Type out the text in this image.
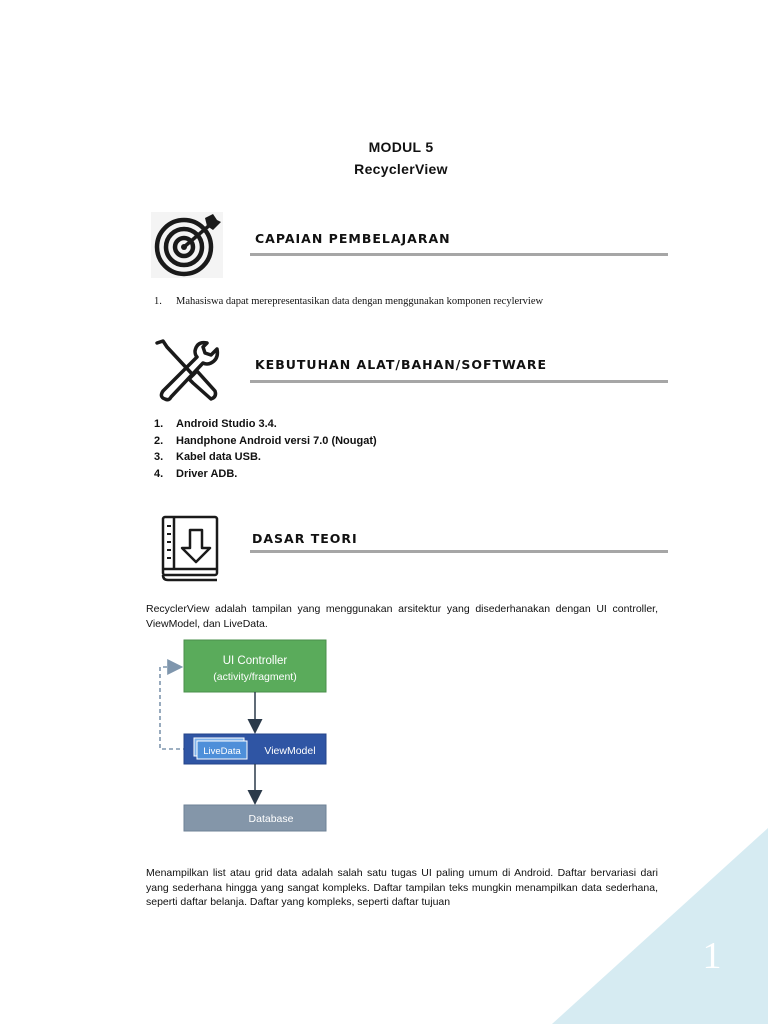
MODUL 5
RecyclerView
CAPAIAN PEMBELAJARAN
1. Mahasiswa dapat merepresentasikan data dengan menggunakan komponen recylerview
KEBUTUHAN ALAT/BAHAN/SOFTWARE
1. Android Studio 3.4.
2. Handphone Android versi 7.0 (Nougat)
3. Kabel data USB.
4. Driver ADB.
DASAR TEORI
RecyclerView adalah tampilan yang menggunakan arsitektur yang disederhanakan dengan UI controller, ViewModel, dan LiveData.
UI Controller
(activity/fragment)
LiveData ViewModel
Database
Menampilkan list atau grid data adalah salah satu tugas UI paling umum di Android. Daftar bervariasi dari yang sederhana hingga yang sangat kompleks. Daftar tampilan teks mungkin menampilkan data sederhana, seperti daftar belanja. Daftar yang kompleks, seperti daftar tujuan
1
